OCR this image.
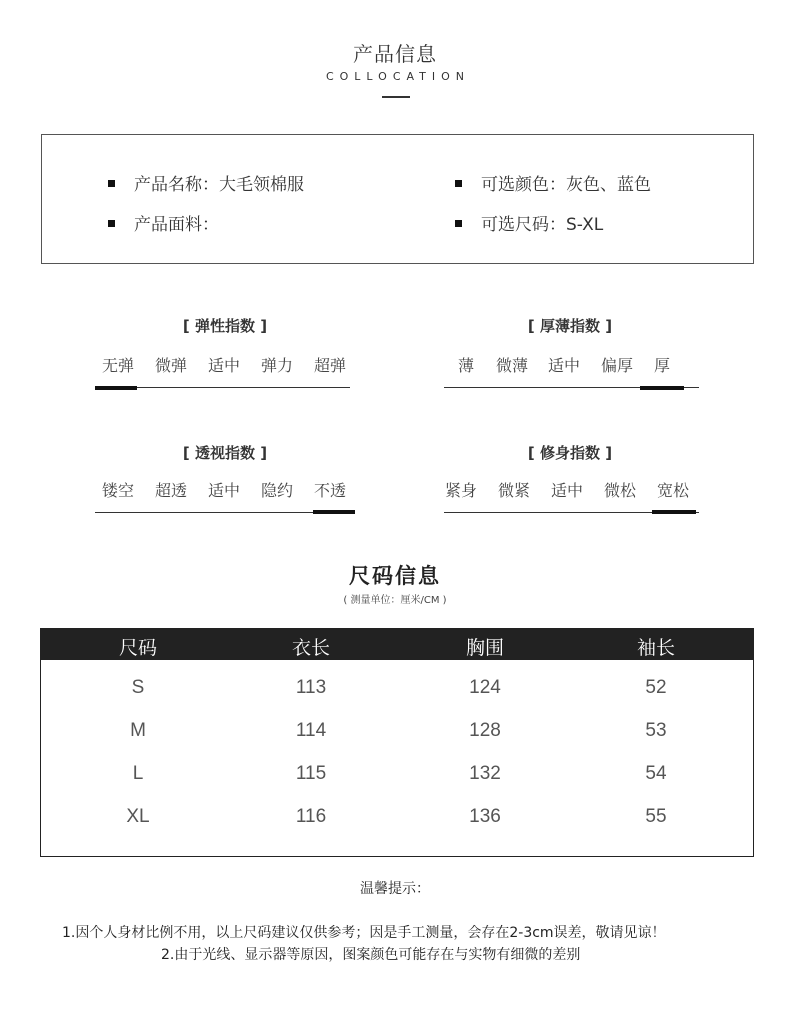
产品信息
COLLOCATION
产品名称：大毛领棉服
产品面料：
可选颜色：灰色、蓝色
可选尺码：S-XL
[ 弹性指数 ]
无弹	微弹	适中	弹力	超弹
[ 厚薄指数 ]
薄	微薄	适中	偏厚	厚
[ 透视指数 ]
镂空	超透	适中	隐约	不透
[ 修身指数 ]
紧身	微紧	适中	微松	宽松
尺码信息
( 测量单位：厘米/CM )
尺码	衣长	胸围	袖长
S	113	124	52
M	114	128	53
L	115	132	54
XL	116	136	55
温馨提示：
1.因个人身材比例不用，以上尺码建议仅供参考；因是手工测量，会存在2-3cm误差，敬请见谅！
2.由于光线、显示器等原因，图案颜色可能存在与实物有细微的差别
